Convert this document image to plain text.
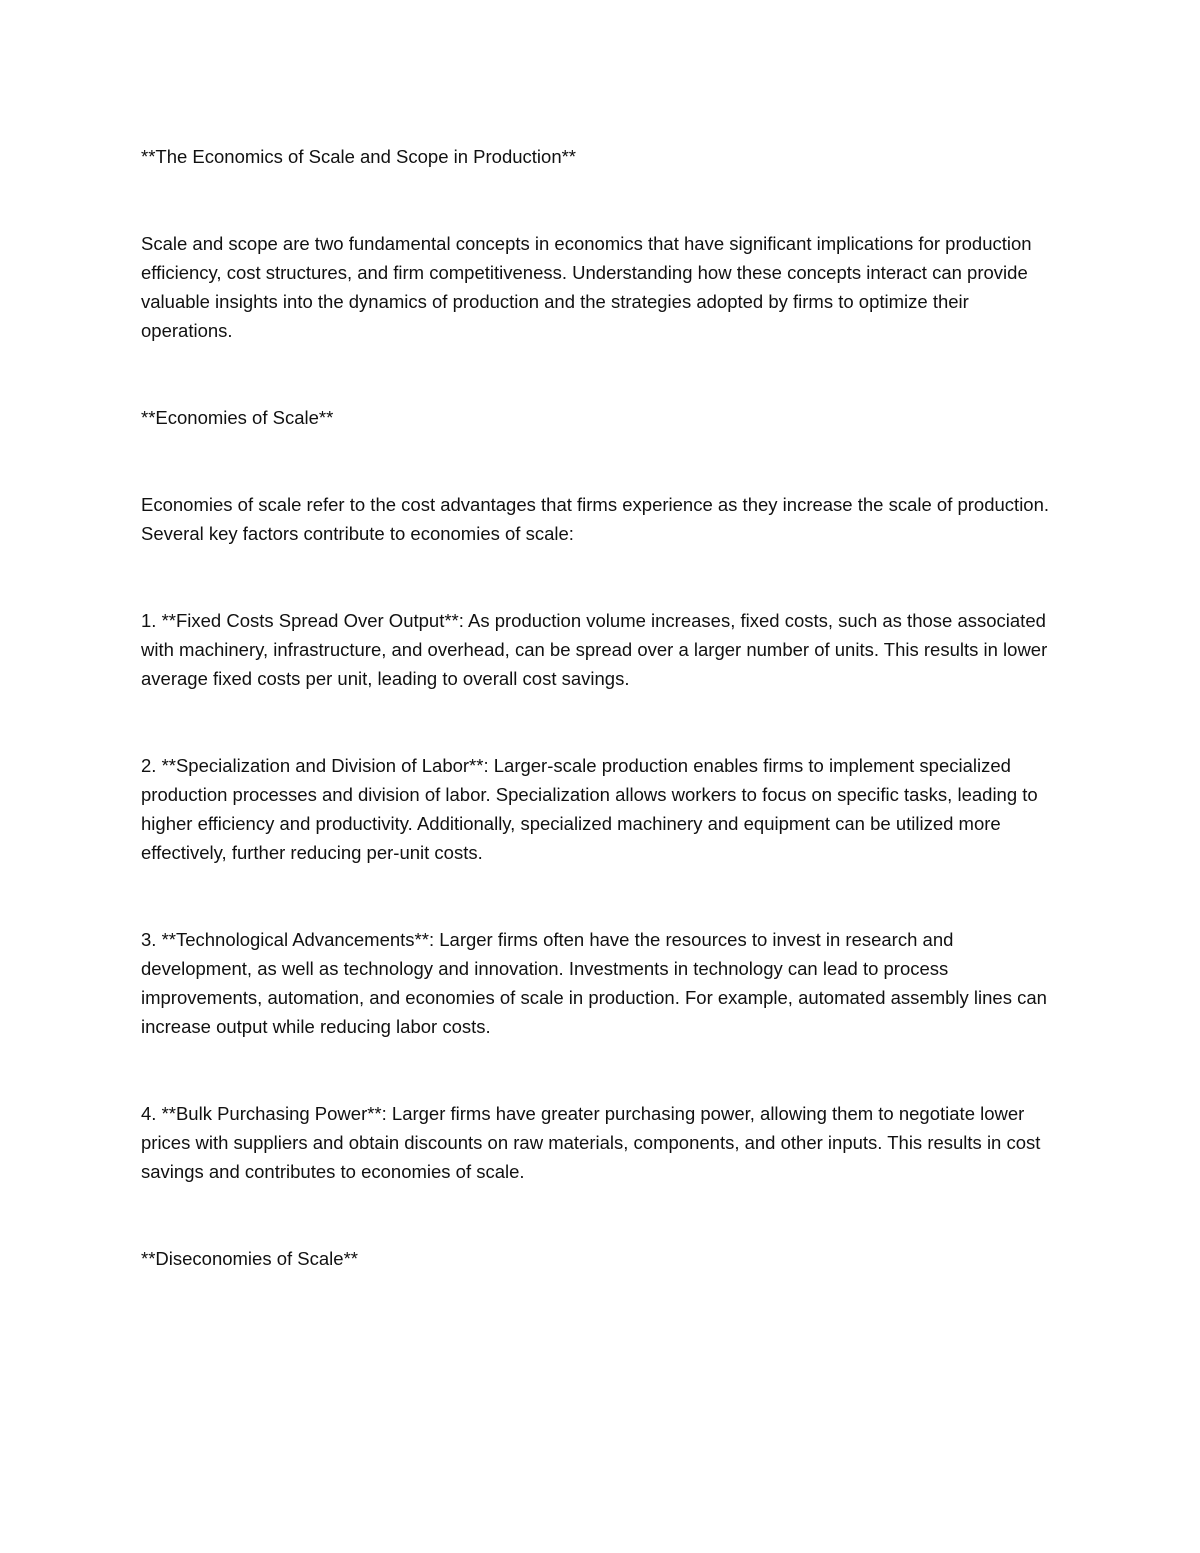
**The Economics of Scale and Scope in Production**

Scale and scope are two fundamental concepts in economics that have significant implications for production efficiency, cost structures, and firm competitiveness. Understanding how these concepts interact can provide valuable insights into the dynamics of production and the strategies adopted by firms to optimize their operations.

**Economies of Scale**

Economies of scale refer to the cost advantages that firms experience as they increase the scale of production. Several key factors contribute to economies of scale:

1. **Fixed Costs Spread Over Output**: As production volume increases, fixed costs, such as those associated with machinery, infrastructure, and overhead, can be spread over a larger number of units. This results in lower average fixed costs per unit, leading to overall cost savings.

2. **Specialization and Division of Labor**: Larger-scale production enables firms to implement specialized production processes and division of labor. Specialization allows workers to focus on specific tasks, leading to higher efficiency and productivity. Additionally, specialized machinery and equipment can be utilized more effectively, further reducing per-unit costs.

3. **Technological Advancements**: Larger firms often have the resources to invest in research and development, as well as technology and innovation. Investments in technology can lead to process improvements, automation, and economies of scale in production. For example, automated assembly lines can increase output while reducing labor costs.

4. **Bulk Purchasing Power**: Larger firms have greater purchasing power, allowing them to negotiate lower prices with suppliers and obtain discounts on raw materials, components, and other inputs. This results in cost savings and contributes to economies of scale.

**Diseconomies of Scale**
